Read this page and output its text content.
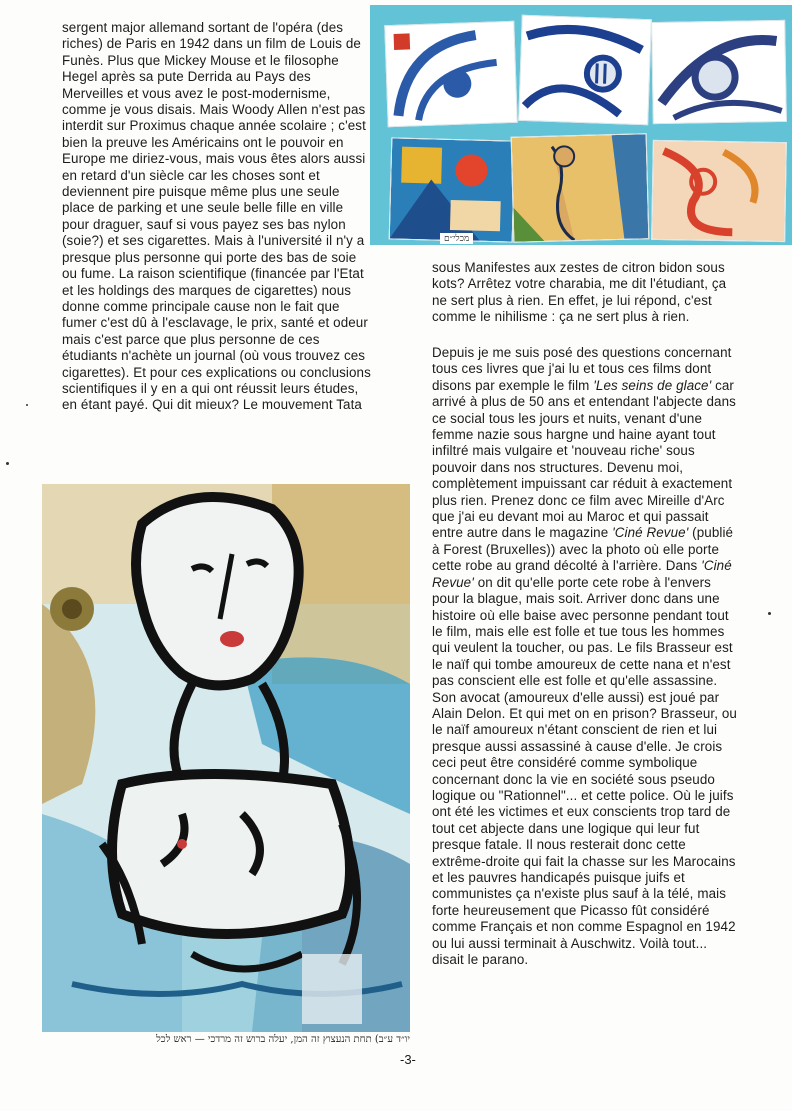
sergent major allemand sortant de l'opéra (des riches) de Paris en 1942 dans un film de Louis de Funès. Plus que Mickey Mouse et le filosophe Hegel après sa pute Derrida au Pays des Merveilles et vous avez le post-modernisme, comme je vous disais. Mais Woody Allen n'est pas interdit sur Proximus chaque année scolaire ; c'est bien la preuve les Américains ont le pouvoir en Europe me diriez-vous, mais vous êtes alors aussi en retard d'un siècle car les choses sont et deviennent pire puisque même plus une seule place de parking et une seule belle fille en ville pour draguer, sauf si vous payez ses bas nylon (soie?) et ses cigarettes. Mais à l'université il n'y a presque plus personne qui porte des bas de soie ou fume. La raison scientifique (financée par l'Etat et les holdings des marques de cigarettes) nous donne comme principale cause non le fait que fumer c'est dû à l'esclavage, le prix, santé et odeur mais c'est parce que plus personne de ces étudiants n'achète un journal (où vous trouvez ces cigarettes). Et pour ces explications ou conclusions scientifiques il y en a qui ont réussit leurs études, en étant payé. Qui dit mieux? Le mouvement Tata

מכלי״ם

sous Manifestes aux zestes de citron bidon sous kots? Arrêtez votre charabia, me dit l'étudiant, ça ne sert plus à rien. En effet, je lui répond, c'est comme le nihilisme : ça ne sert plus à rien.

Depuis je me suis posé des questions concernant tous ces livres que j'ai lu et tous ces films dont disons par exemple le film 'Les seins de glace' car arrivé à plus de 50 ans et entendant l'abjecte dans ce social tous les jours et nuits, venant d'une femme nazie sous hargne und haine ayant tout infiltré mais vulgaire et 'nouveau riche' sous pouvoir dans nos structures. Devenu moi, complètement impuissant car réduit à exactement plus rien. Prenez donc ce film avec Mireille d'Arc que j'ai eu devant moi au Maroc et qui passait entre autre dans le magazine 'Ciné Revue' (publié à Forest (Bruxelles)) avec la photo où elle porte cette robe au grand décolté à l'arrière. Dans 'Ciné Revue' on dit qu'elle porte cete robe à l'envers pour la blague, mais soit. Arriver donc dans une histoire où elle baise avec personne pendant tout le film, mais elle est folle et tue tous les hommes qui veulent la toucher, ou pas. Le fils Brasseur est le naïf qui tombe amoureux de cette nana et n'est pas conscient elle est folle et qu'elle assassine. Son avocat (amoureux d'elle aussi) est joué par Alain Delon. Et qui met on en prison? Brasseur, ou le naïf amoureux n'étant conscient de rien et lui presque aussi assassiné à cause d'elle. Je crois ceci peut être considéré comme symbolique concernant donc la vie en société sous pseudo logique ou "Rationnel"... et cette police. Où le juifs ont été les victimes et eux conscients trop tard de tout cet abjecte dans une logique qui leur fut presque fatale. Il nous resterait donc cette extrême-droite qui fait la chasse sur les Marocains et les pauvres handicapés puisque juifs et communistes ça n'existe plus sauf à la télé, mais forte heureusement que Picasso fût considéré comme Français et non comme Espagnol en 1942 ou lui aussi terminait à Auschwitz. Voilà tout... disait le parano.

יו״ד ע״ב) תחת הנעצוץ זה המן, יעלה ברוש זה מרדכי — ראש לכל
-3-
